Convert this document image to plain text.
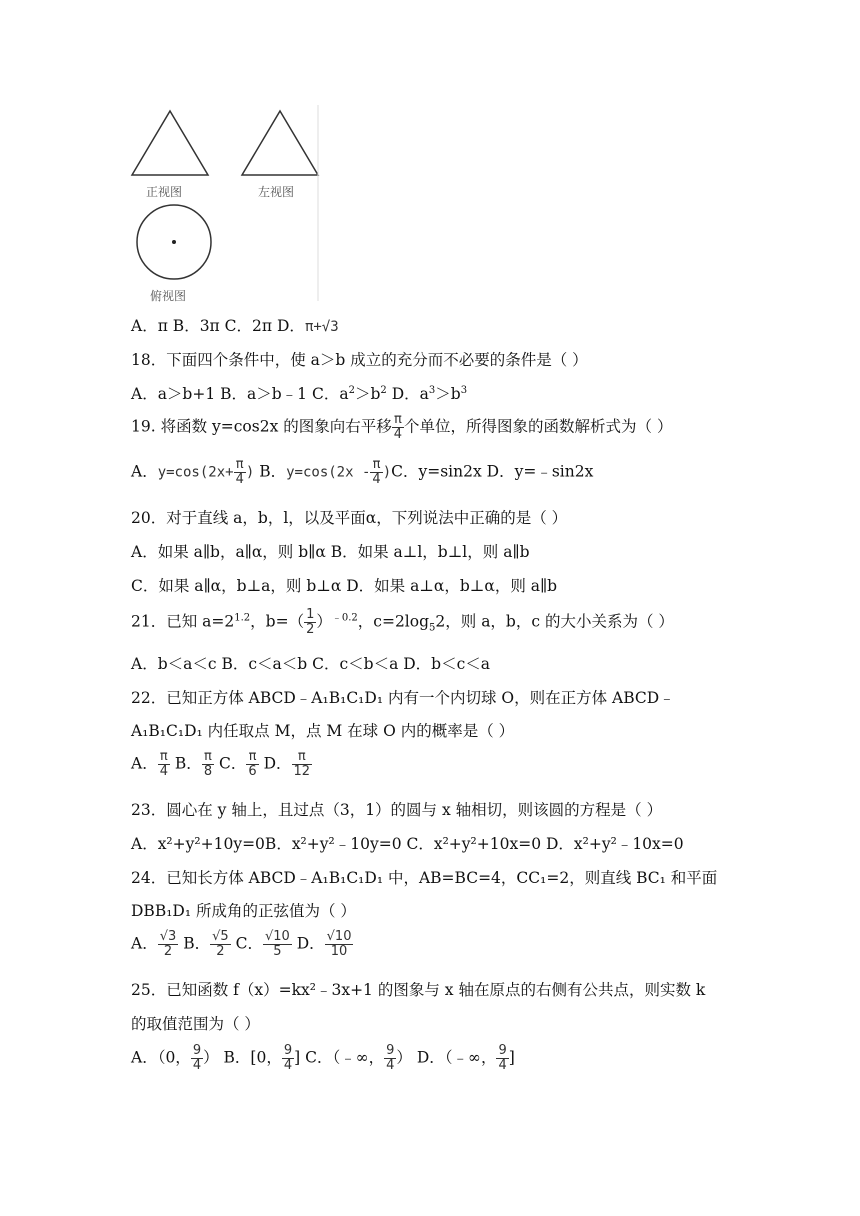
正视图	左视图
俯视图
A．π B．3π C．2π D．π+√3
18．下面四个条件中，使 a＞b 成立的充分而不必要的条件是（ ）
A．a＞b+1 B．a＞b﹣1 C．$a^2>b^2$ D．$a^3>b^3$
19. 将函数 y=cos2x 的图象向右平移 $\frac{\pi}{4}$ 个单位，所得图象的函数解析式为（ ）
A．$y=\cos(2x+ \frac{\pi}{4}$ ) B．$y=\cos(2x - \frac{\pi}{4} )C$．y=sin2x D．y=﹣sin2x
20．对于直线 a，b，l，以及平面α，下列说法中正确的是（ ）
A．如果 a∥b，a∥α，则 b∥α B．如果 a⊥l，b⊥l，则 a∥b
C．如果 a∥α，b⊥a，则 b⊥α D．如果 a⊥α，b⊥α，则 a∥b
21．已知 $a=2^{1.2}$，$b=( \frac{1}{2} )^{﹣0.2}$，$c=2\log_52$，则 a，b，c 的大小关系为（ ）
A．b＜a＜c B．c＜a＜b C．c＜b＜a D．b＜c＜a
22．已知正方体 ABCD﹣A₁B₁C₁D₁ 内有一个内切球 O，则在正方体 ABCD﹣
A₁B₁C₁D₁ 内任取点 M，点 M 在球 O 内的概率是（ ）
A． $\frac{\pi}{4}$ B． $\frac{\pi}{8}$ C． $\frac{\pi}{6}$ D． $\frac{\pi}{12}$
23．圆心在 y 轴上，且过点（3，1）的圆与 x 轴相切，则该圆的方程是（ ）
A．x²+y²+10y=0B．x²+y²﹣10y=0 C．x²+y²+10x=0 D．x²+y²﹣10x=0
24．已知长方体 ABCD﹣A₁B₁C₁D₁ 中，AB=BC=4，CC₁=2，则直线 BC₁ 和平面
DBB₁D₁ 所成角的正弦值为（ ）
A． $\frac{√3}{2}$ B． $\frac{√5}{2}$ C． $\frac{√10}{5}$ D． $\frac{√10}{10}$
25．已知函数 f（x）=kx²﹣3x+1 的图象与 x 轴在原点的右侧有公共点，则实数 k
的取值范围为（ ）
A．（0， $\frac{9}{4}$ ） B．[0， $\frac{9}{4}$ ] C．（﹣∞， $\frac{9}{4}$ ） D．（﹣∞， $\frac{9}{4}$ ]
